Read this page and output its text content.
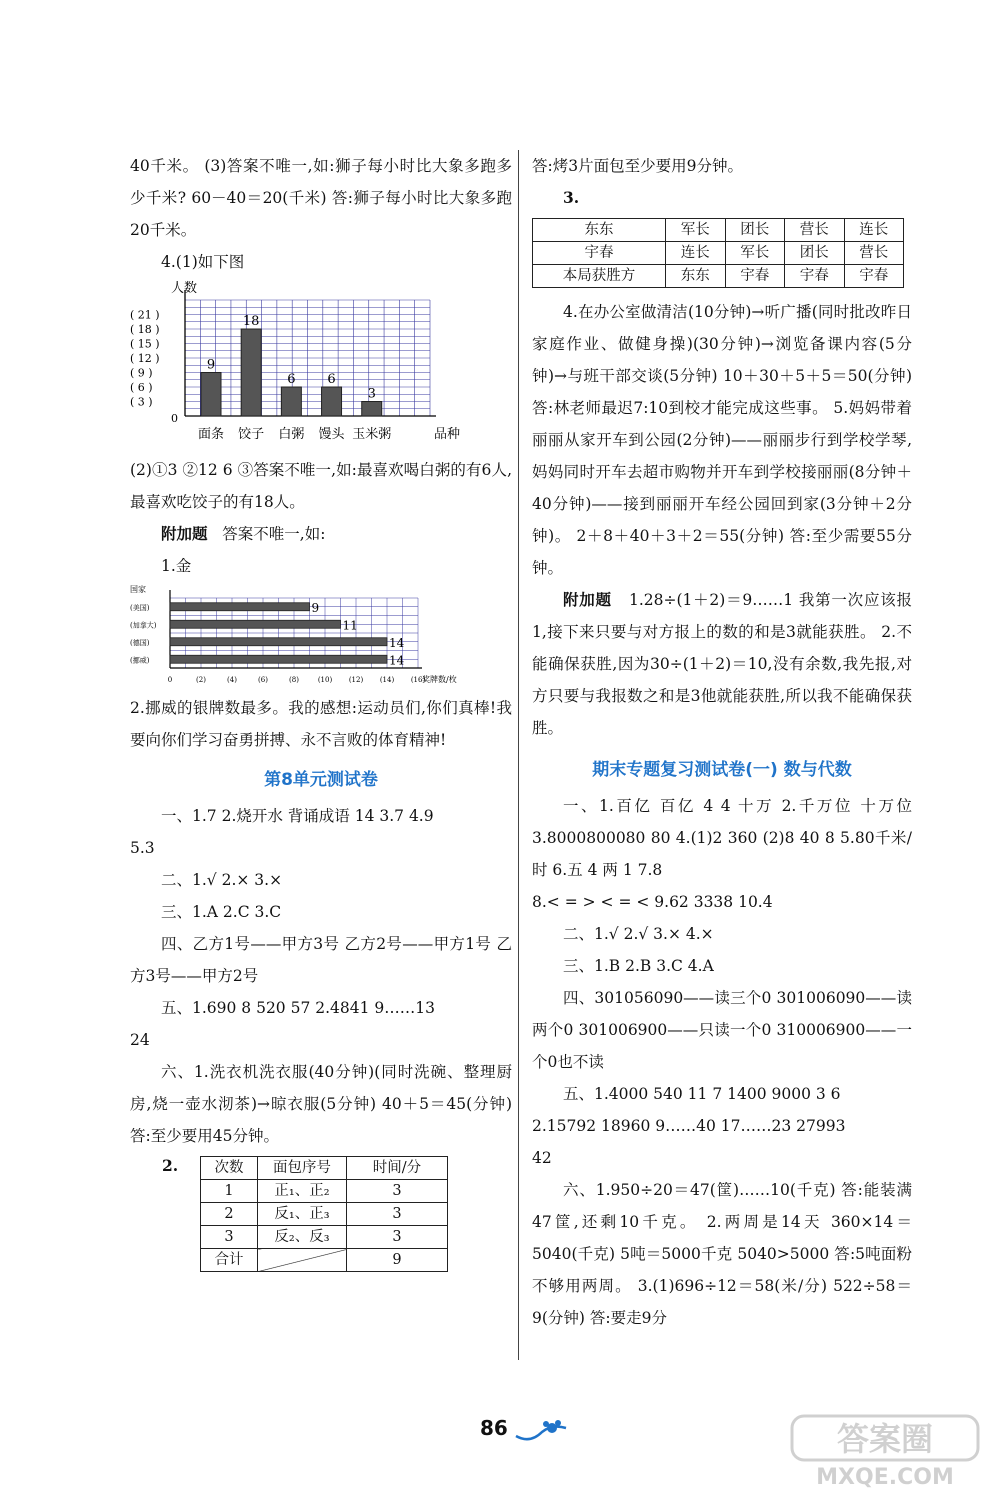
40千米。 (3)答案不唯一,如:狮子每小时比大象多跑多少千米? 60－40＝20(千米) 答:狮子每小时比大象多跑20千米。

4.(1)如下图

人数
品种
0
( 21 )
( 18 )
( 15 )
( 12 )
( 9 )
( 6 )
( 3 )
9
面条
18
饺子
6
白粥
6
馒头
3
玉米粥

(2)①3 ②12 6 ③答案不唯一,如:最喜欢喝白粥的有6人,最喜欢吃饺子的有18人。

附加题 答案不唯一,如:

1.金

国家
奖牌数/枚
9
(美国)
11
(加拿大)
14
(德国)
14
(挪威)
0	(2)	(4)	(6)	(8)	(10) (12) (14) (16)

2.挪威的银牌数最多。我的感想:运动员们,你们真棒!我要向你们学习奋勇拼搏、永不言败的体育精神!

第8单元测试卷

一、1.7 2.烧开水 背诵成语 14 3.7 4.9

5.3

二、1.√ 2.× 3.×

三、1.A 2.C 3.C

四、乙方1号——甲方3号 乙方2号——甲方1号 乙方3号——甲方2号

五、1.690 8 520 57 2.4841 9……13

24

六、1.洗衣机洗衣服(40分钟)(同时洗碗、整理厨房,烧一壶水沏茶)→晾衣服(5分钟) 40＋5＝45(分钟) 答:至少要用45分钟。

2.	次数	面包序号	时间/分
1	正₁、正₂	3
2	反₁、正₃	3
3	反₂、反₃	3
合计		9

答:烤3片面包至少要用9分钟。

3.

东东	军长	团长	营长	连长
宇春	连长	军长	团长	营长
本局获胜方	东东	宇春	宇春	宇春

4.在办公室做清洁(10分钟)→听广播(同时批改昨日家庭作业、做健身操)(30分钟)→浏览备课内容(5分钟)→与班干部交谈(5分钟) 10＋30＋5＋5＝50(分钟) 答:林老师最迟7:10到校才能完成这些事。 5.妈妈带着丽丽从家开车到公园(2分钟)——丽丽步行到学校学琴,妈妈同时开车去超市购物并开车到学校接丽丽(8分钟＋40分钟)——接到丽丽开车经公园回到家(3分钟＋2分钟)。 2＋8＋40＋3＋2＝55(分钟) 答:至少需要55分钟。

附加题 1.28÷(1＋2)＝9……1 我第一次应该报1,接下来只要与对方报上的数的和是3就能获胜。 2.不能确保获胜,因为30÷(1＋2)＝10,没有余数,我先报,对方只要与我报数之和是3他就能获胜,所以我不能确保获胜。

期末专题复习测试卷(一) 数与代数

一、1.百亿 百亿 4 4 十万 2.千万位 十万位 3.8000800080 80 4.(1)2 360 (2)8 40 8 5.80千米/时 6.五 4 两 1 7.8

8.< = > < = < 9.62 3338 10.4

二、1.√ 2.√ 3.× 4.×

三、1.B 2.B 3.C 4.A

四、301056090——读三个0 301006090——读两个0 301006900——只读一个0 310006900——一个0也不读

五、1.4000 540 11 7 1400 9000 3 6

2.15792 18960 9……40 17……23 27993

42

六、1.950÷20＝47(筐)……10(千克) 答:能装满47筐,还剩10千克。 2.两周是14天 360×14＝5040(千克) 5吨＝5000千克 5040>5000 答:5吨面粉不够用两周。 3.(1)696÷12＝58(米/分) 522÷58＝9(分钟) 答:要走9分

86	答案圈
MXQE.COM
